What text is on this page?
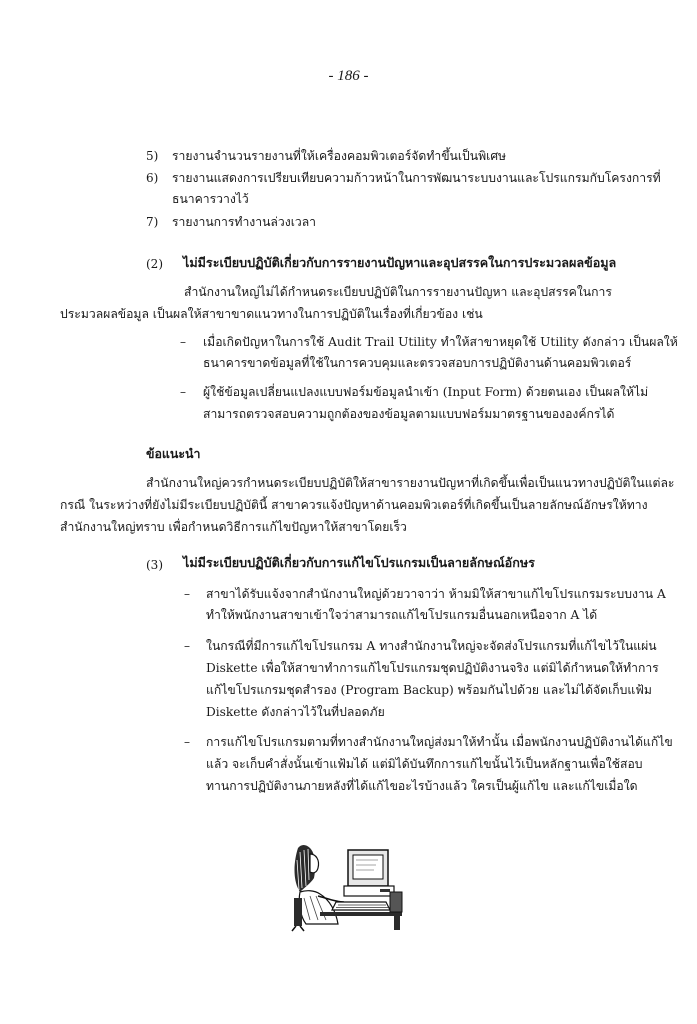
- 186 -
5) รายงานจำนวนรายงานที่ให้เครื่องคอมพิวเตอร์จัดทำขึ้นเป็นพิเศษ
6) รายงานแสดงการเปรียบเทียบความก้าวหน้าในการพัฒนาระบบงานและโปรแกรมกับโครงการที่
ธนาคารวางไว้
7) รายงานการทำงานล่วงเวลา
(2) ไม่มีระเบียบปฏิบัติเกี่ยวกับการรายงานปัญหาและอุปสรรคในการประมวลผลข้อมูล
สำนักงานใหญ่ไม่ได้กำหนดระเบียบปฏิบัติในการรายงานปัญหา และอุปสรรคในการ
ประมวลผลข้อมูล เป็นผลให้สาขาขาดแนวทางในการปฏิบัติในเรื่องที่เกี่ยวข้อง เช่น
– เมื่อเกิดปัญหาในการใช้ Audit Trail Utility ทำให้สาขาหยุดใช้ Utility ดังกล่าว เป็นผลให้
ธนาคารขาดข้อมูลที่ใช้ในการควบคุมและตรวจสอบการปฏิบัติงานด้านคอมพิวเตอร์
– ผู้ใช้ข้อมูลเปลี่ยนแปลงแบบฟอร์มข้อมูลนำเข้า (Input Form) ด้วยตนเอง เป็นผลให้ไม่
สามารถตรวจสอบความถูกต้องของข้อมูลตามแบบฟอร์มมาตรฐานขององค์กรได้
ข้อแนะนำ
สำนักงานใหญ่ควรกำหนดระเบียบปฏิบัติให้สาขารายงานปัญหาที่เกิดขึ้นเพื่อเป็นแนวทางปฏิบัติในแต่ละ
กรณี ในระหว่างที่ยังไม่มีระเบียบปฏิบัตินี้ สาขาควรแจ้งปัญหาด้านคอมพิวเตอร์ที่เกิดขึ้นเป็นลายลักษณ์อักษรให้ทาง
สำนักงานใหญ่ทราบ เพื่อกำหนดวิธีการแก้ไขปัญหาให้สาขาโดยเร็ว
(3) ไม่มีระเบียบปฏิบัติเกี่ยวกับการแก้ไขโปรแกรมเป็นลายลักษณ์อักษร
– สาขาได้รับแจ้งจากสำนักงานใหญ่ด้วยวาจาว่า ห้ามมิให้สาขาแก้ไขโปรแกรมระบบงาน A
ทำให้พนักงานสาขาเข้าใจว่าสามารถแก้ไขโปรแกรมอื่นนอกเหนือจาก A ได้
– ในกรณีที่มีการแก้ไขโปรแกรม A ทางสำนักงานใหญ่จะจัดส่งโปรแกรมที่แก้ไขไว้ในแผ่น
Diskette เพื่อให้สาขาทำการแก้ไขโปรแกรมชุดปฏิบัติงานจริง แต่มิได้กำหนดให้ทำการ
แก้ไขโปรแกรมชุดสำรอง (Program Backup) พร้อมกันไปด้วย และไม่ได้จัดเก็บแฟ้ม
Diskette ดังกล่าวไว้ในที่ปลอดภัย
– การแก้ไขโปรแกรมตามที่ทางสำนักงานใหญ่ส่งมาให้ทำนั้น เมื่อพนักงานปฏิบัติงานได้แก้ไข
แล้ว จะเก็บคำสั่งนั้นเข้าแฟ้มได้ แต่มิได้บันทึกการแก้ไขนั้นไว้เป็นหลักฐานเพื่อใช้สอบ
ทานการปฏิบัติงานภายหลังที่ได้แก้ไขอะไรบ้างแล้ว ใครเป็นผู้แก้ไข และแก้ไขเมื่อใด
